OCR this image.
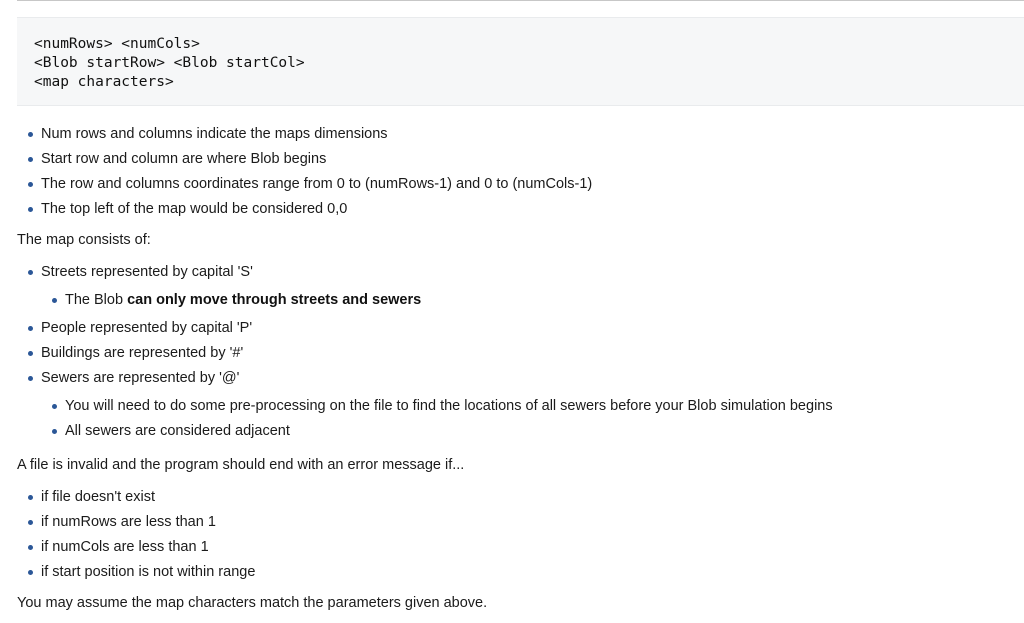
<numRows> <numCols>
<Blob startRow> <Blob startCol>
<map characters>
Num rows and columns indicate the maps dimensions
Start row and column are where Blob begins
The row and columns coordinates range from 0 to (numRows-1) and 0 to (numCols-1)
The top left of the map would be considered 0,0

The map consists of:

Streets represented by capital 'S'
The Blob can only move through streets and sewers
People represented by capital 'P'
Buildings are represented by '#'
Sewers are represented by '@'
You will need to do some pre-processing on the file to find the locations of all sewers before your Blob simulation begins
All sewers are considered adjacent

A file is invalid and the program should end with an error message if...

if file doesn't exist
if numRows are less than 1
if numCols are less than 1
if start position is not within range

You may assume the map characters match the parameters given above.
